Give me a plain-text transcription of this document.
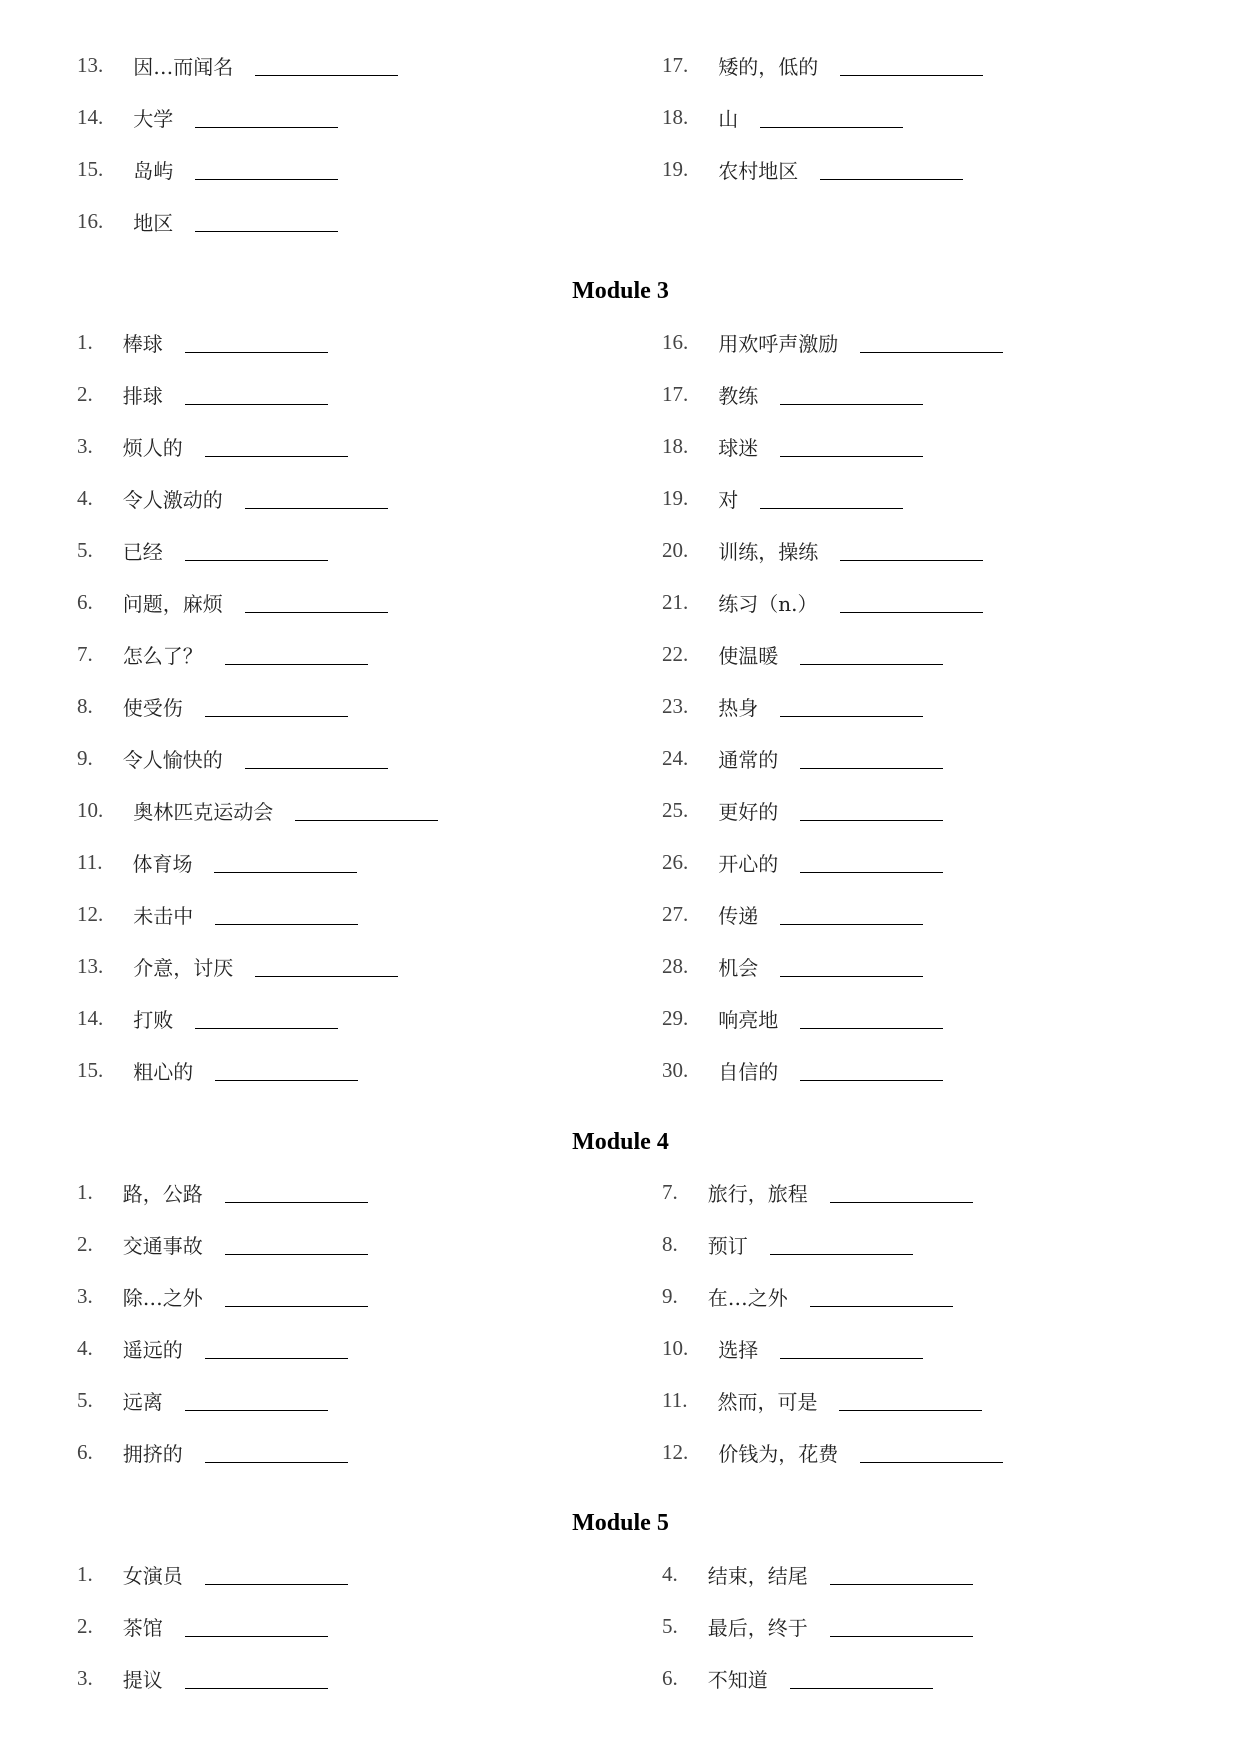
13. 因…而闻名
14. 大学
15. 岛屿
16. 地区
17. 矮的，低的
18. 山
19. 农村地区
Module 3
1. 棒球
2. 排球
3. 烦人的
4. 令人激动的
5. 已经
6. 问题，麻烦
7. 怎么了？
8. 使受伤
9. 令人愉快的
10. 奥林匹克运动会
11. 体育场
12. 未击中
13. 介意，讨厌
14. 打败
15. 粗心的
16. 用欢呼声激励
17. 教练
18. 球迷
19. 对
20. 训练，操练
21. 练习（n.）
22. 使温暖
23. 热身
24. 通常的
25. 更好的
26. 开心的
27. 传递
28. 机会
29. 响亮地
30. 自信的
Module 4
1. 路，公路
2. 交通事故
3. 除…之外
4. 遥远的
5. 远离
6. 拥挤的
7. 旅行，旅程
8. 预订
9. 在…之外
10. 选择
11. 然而，可是
12. 价钱为，花费
Module 5
1. 女演员
2. 茶馆
3. 提议
4. 结束，结尾
5. 最后，终于
6. 不知道
